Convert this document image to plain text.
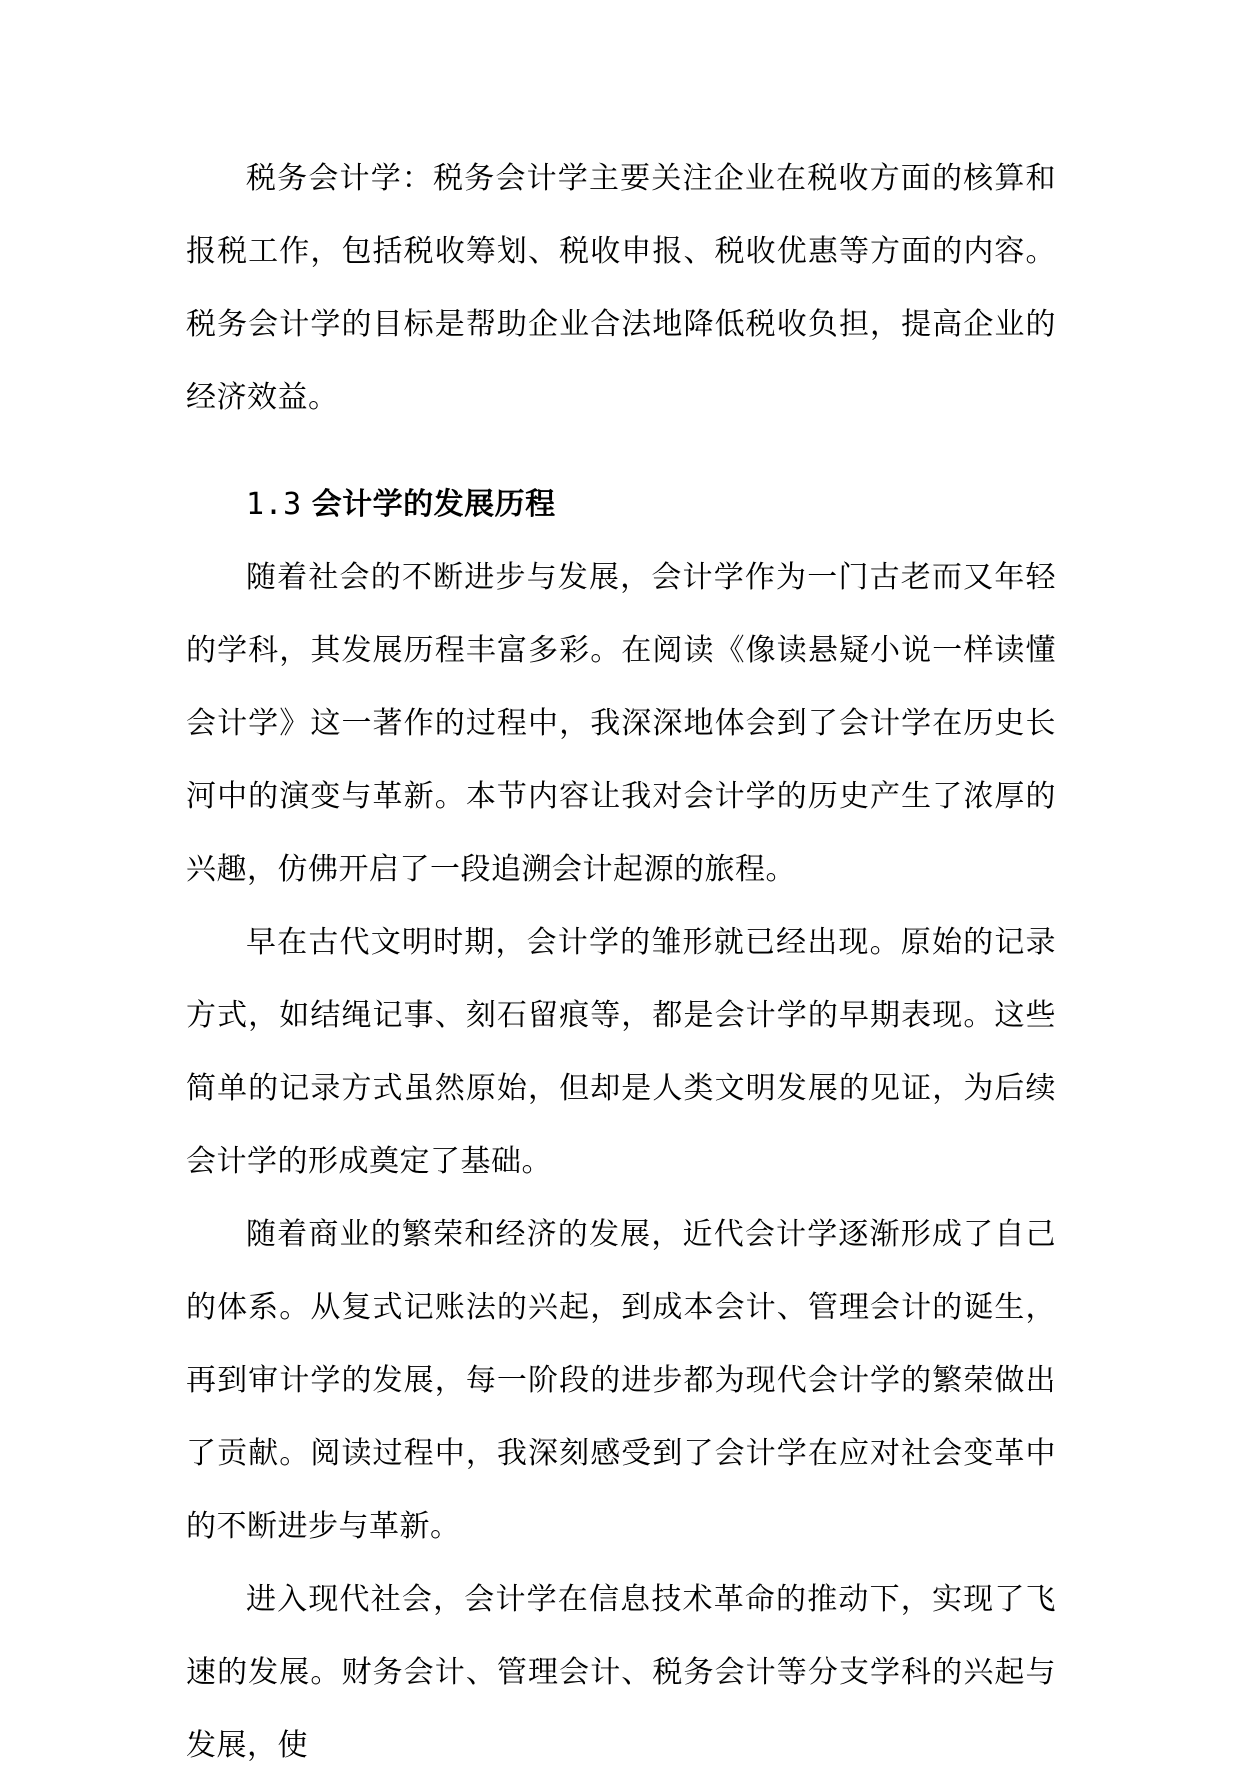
税务会计学：税务会计学主要关注企业在税收方面的核算和报税工作，包括税收筹划、税收申报、税收优惠等方面的内容。税务会计学的目标是帮助企业合法地降低税收负担，提高企业的经济效益。

1.3 会计学的发展历程

随着社会的不断进步与发展，会计学作为一门古老而又年轻的学科，其发展历程丰富多彩。在阅读《像读悬疑小说一样读懂会计学》这一著作的过程中，我深深地体会到了会计学在历史长河中的演变与革新。本节内容让我对会计学的历史产生了浓厚的兴趣，仿佛开启了一段追溯会计起源的旅程。

早在古代文明时期，会计学的雏形就已经出现。原始的记录方式，如结绳记事、刻石留痕等，都是会计学的早期表现。这些简单的记录方式虽然原始，但却是人类文明发展的见证，为后续会计学的形成奠定了基础。

随着商业的繁荣和经济的发展，近代会计学逐渐形成了自己的体系。从复式记账法的兴起，到成本会计、管理会计的诞生，再到审计学的发展，每一阶段的进步都为现代会计学的繁荣做出了贡献。阅读过程中，我深刻感受到了会计学在应对社会变革中的不断进步与革新。

进入现代社会，会计学在信息技术革命的推动下，实现了飞速的发展。财务会计、管理会计、税务会计等分支学科的兴起与发展，使
